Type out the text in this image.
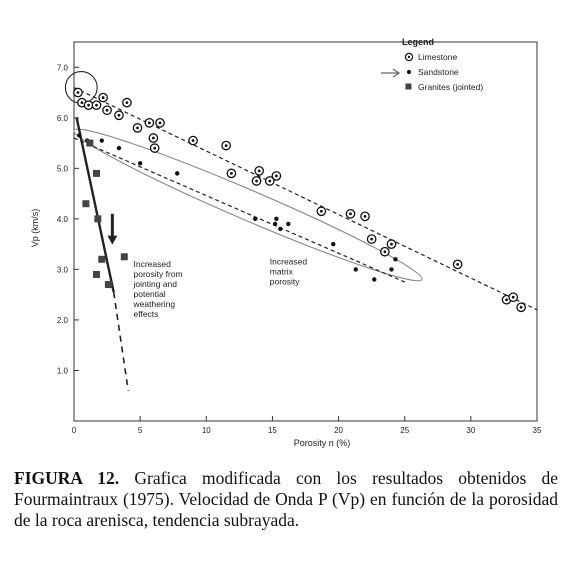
Porosity n (%)
Vp (km/s)
Legend
Limestone
Sandstone
Granites (jointed)
0	5	10	15	20	25	30	35
1.0
2.0
3.0
4.0
5.0
6.0
7.0
Increased porosity from jointing and potential weathering effects
Increased matrix porosity
FIGURA 12. Grafica modificada con los resultados obtenidos de Fourmaintraux (1975). Velocidad de Onda P (Vp) en función de la porosidad de la roca arenisca, tendencia subrayada.
